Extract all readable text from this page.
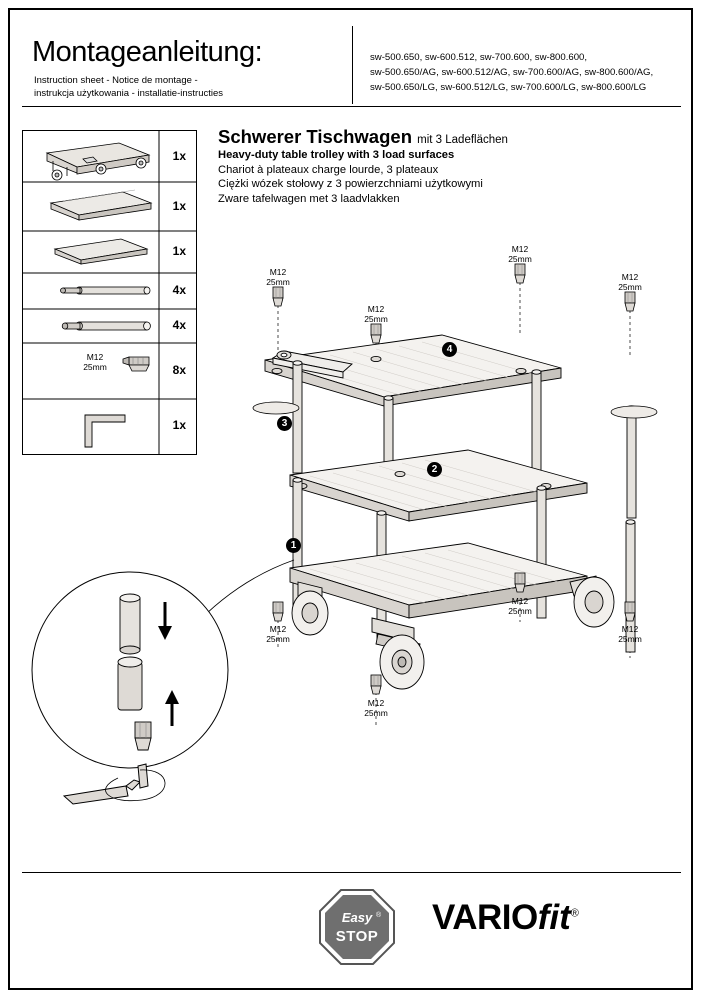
Montageanleitung:
Instruction sheet - Notice de montage -
instrukcja użytkowania - installatie-instructies
sw-500.650, sw-600.512, sw-700.600, sw-800.600,
sw-500.650/AG, sw-600.512/AG, sw-700.600/AG, sw-800.600/AG,
sw-500.650/LG, sw-600.512/LG, sw-700.600/LG, sw-800.600/LG
1x
1x
1x
4x
4x
8x
1x
M12
25mm
Schwerer Tischwagen mit 3 Ladeflächen
Heavy-duty table trolley with 3 load surfaces
Chariot à plateaux charge lourde, 3 plateaux
Ciężki wózek stołowy z 3 powierzchniami użytkowymi
Zware tafelwagen met 3 laadvlakken
M12
25mm
M12
25mm
M12
25mm
M12
25mm
M12
25mm
M12
25mm
M12
25mm
M12
25mm
1
2
3
4
Easy ®
STOP	VARIOfit®
